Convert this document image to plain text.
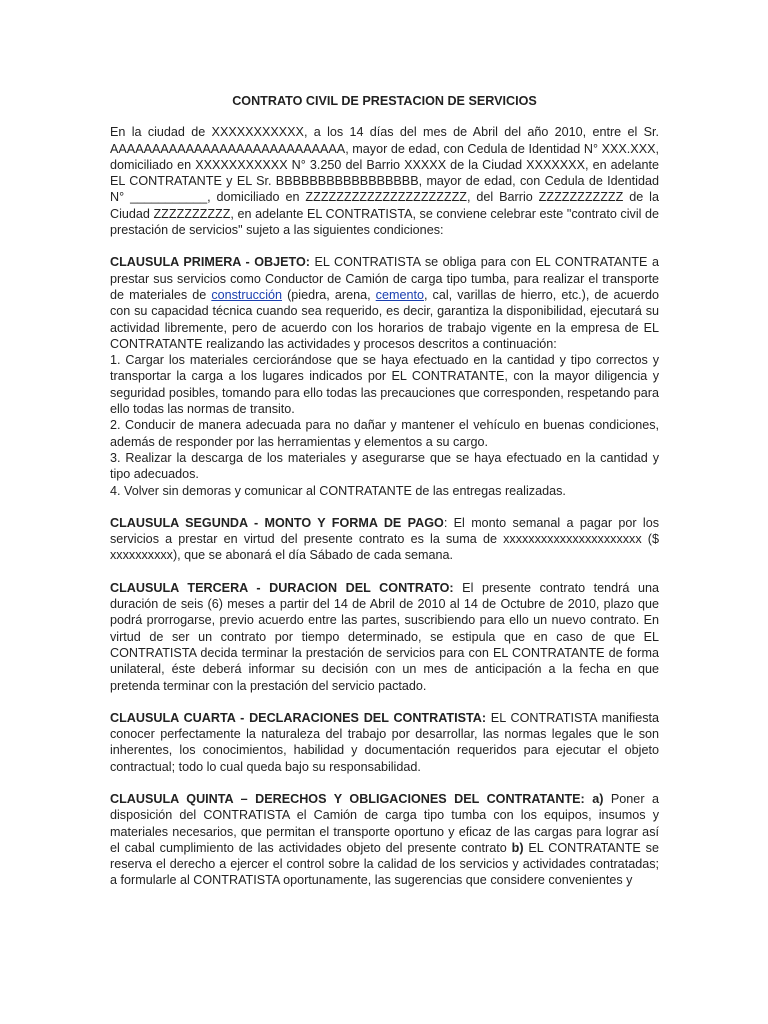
CONTRATO CIVIL DE PRESTACION DE SERVICIOS

En la ciudad de XXXXXXXXXXX, a los 14 días del mes de Abril del año 2010, entre el Sr. AAAAAAAAAAAAAAAAAAAAAAAAAAAA, mayor de edad, con Cedula de Identidad N° XXX.XXX, domiciliado en XXXXXXXXXXX N° 3.250 del Barrio XXXXX de la Ciudad XXXXXXX, en adelante EL CONTRATANTE y EL Sr. BBBBBBBBBBBBBBBBB, mayor de edad, con Cedula de Identidad N° ___________, domiciliado en ZZZZZZZZZZZZZZZZZZZZZ, del Barrio ZZZZZZZZZZZ de la Ciudad ZZZZZZZZZZ, en adelante EL CONTRATISTA, se conviene celebrar este "contrato civil de prestación de servicios" sujeto a las siguientes condiciones:

CLAUSULA PRIMERA - OBJETO: EL CONTRATISTA se obliga para con EL CONTRATANTE a prestar sus servicios como Conductor de Camión de carga tipo tumba, para realizar el transporte de materiales de construcción (piedra, arena, cemento, cal, varillas de hierro, etc.), de acuerdo con su capacidad técnica cuando sea requerido, es decir, garantiza la disponibilidad, ejecutará su actividad libremente, pero de acuerdo con los horarios de trabajo vigente en la empresa de EL CONTRATANTE realizando las actividades y procesos descritos a continuación:

1. Cargar los materiales cerciorándose que se haya efectuado en la cantidad y tipo correctos y transportar la carga a los lugares indicados por EL CONTRATANTE, con la mayor diligencia y seguridad posibles, tomando para ello todas las precauciones que corresponden, respetando para ello todas las normas de transito.

2. Conducir de manera adecuada para no dañar y mantener el vehículo en buenas condiciones, además de responder por las herramientas y elementos a su cargo.

3. Realizar la descarga de los materiales y asegurarse que se haya efectuado en la cantidad y tipo adecuados.

4. Volver sin demoras y comunicar al CONTRATANTE de las entregas realizadas.

CLAUSULA SEGUNDA - MONTO Y FORMA DE PAGO: El monto semanal a pagar por los servicios a prestar en virtud del presente contrato es la suma de xxxxxxxxxxxxxxxxxxxxxx ($ xxxxxxxxxx), que se abonará el día Sábado de cada semana.

CLAUSULA TERCERA - DURACION DEL CONTRATO: El presente contrato tendrá una duración de seis (6) meses a partir del 14 de Abril de 2010 al 14 de Octubre de 2010, plazo que podrá prorrogarse, previo acuerdo entre las partes, suscribiendo para ello un nuevo contrato. En virtud de ser un contrato por tiempo determinado, se estipula que en caso de que EL CONTRATISTA decida terminar la prestación de servicios para con EL CONTRATANTE de forma unilateral, éste deberá informar su decisión con un mes de anticipación a la fecha en que pretenda terminar con la prestación del servicio pactado.

CLAUSULA CUARTA - DECLARACIONES DEL CONTRATISTA: EL CONTRATISTA manifiesta conocer perfectamente la naturaleza del trabajo por desarrollar, las normas legales que le son inherentes, los conocimientos, habilidad y documentación requeridos para ejecutar el objeto contractual; todo lo cual queda bajo su responsabilidad.

CLAUSULA QUINTA – DERECHOS Y OBLIGACIONES DEL CONTRATANTE: a) Poner a disposición del CONTRATISTA el Camión de carga tipo tumba con los equipos, insumos y materiales necesarios, que permitan el transporte oportuno y eficaz de las cargas para lograr así el cabal cumplimiento de las actividades objeto del presente contrato b) EL CONTRATANTE se reserva el derecho a ejercer el control sobre la calidad de los servicios y actividades contratadas; a formularle al CONTRATISTA oportunamente, las sugerencias que considere convenientes y
